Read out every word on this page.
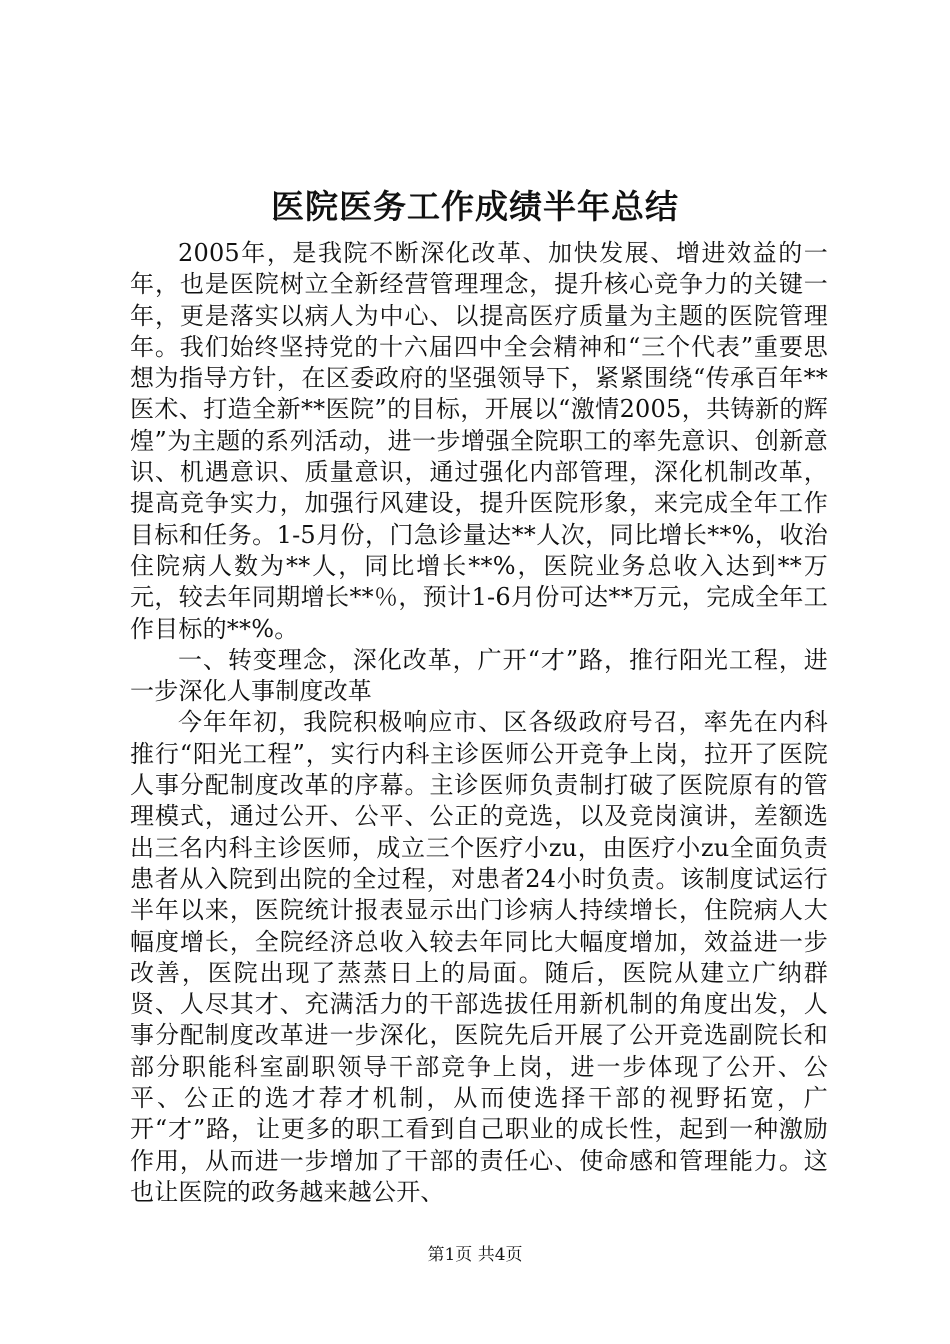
医院医务工作成绩半年总结

2005年，是我院不断深化改革、加快发展、增进效益的一年，也是医院树立全新经营管理理念，提升核心竞争力的关键一年，更是落实以病人为中心、以提高医疗质量为主题的医院管理年。我们始终坚持党的十六届四中全会精神和“三个代表”重要思想为指导方针，在区委政府的坚强领导下，紧紧围绕“传承百年**医术、打造全新**医院”的目标，开展以“激情2005，共铸新的辉煌”为主题的系列活动，进一步增强全院职工的率先意识、创新意识、机遇意识、质量意识，通过强化内部管理，深化机制改革，提高竞争实力，加强行风建设，提升医院形象，来完成全年工作目标和任务。1-5月份，门急诊量达**人次，同比增长**%，收治住院病人数为**人，同比增长**%，医院业务总收入达到**万元，较去年同期增长**％，预计1-6月份可达**万元，完成全年工作目标的**%。

一、转变理念，深化改革，广开“才”路，推行阳光工程，进一步深化人事制度改革

今年年初，我院积极响应市、区各级政府号召，率先在内科推行“阳光工程”，实行内科主诊医师公开竞争上岗，拉开了医院人事分配制度改革的序幕。主诊医师负责制打破了医院原有的管理模式，通过公开、公平、公正的竞选，以及竞岗演讲，差额选出三名内科主诊医师，成立三个医疗小zu，由医疗小zu全面负责患者从入院到出院的全过程，对患者24小时负责。该制度试运行半年以来，医院统计报表显示出门诊病人持续增长，住院病人大幅度增长，全院经济总收入较去年同比大幅度增加，效益进一步改善，医院出现了蒸蒸日上的局面。随后，医院从建立广纳群贤、人尽其才、充满活力的干部选拔任用新机制的角度出发，人事分配制度改革进一步深化，医院先后开展了公开竞选副院长和部分职能科室副职领导干部竞争上岗，进一步体现了公开、公平、公正的选才荐才机制，从而使选择干部的视野拓宽，广开“才”路，让更多的职工看到自己职业的成长性，起到一种激励作用，从而进一步增加了干部的责任心、使命感和管理能力。这也让医院的政务越来越公开、

第1页 共4页
